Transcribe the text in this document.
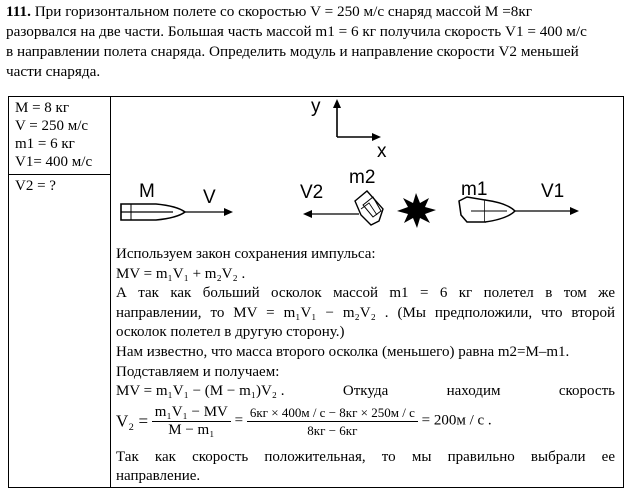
111. При горизонтальном полете со скоростью V = 250 м/с снаряд массой М =8кг
разорвался на две части. Большая часть массой m1 = 6 кг получила скорость V1 = 400 м/с
в направлении полета снаряда. Определить модуль и направление скорости V2 меньшей
части снаряда.
М = 8 кг
V = 250 м/с
m1 = 6 кг
V1= 400 м/с

y
x
М	V	V2
m2
m1	V1
Используем закон сохранения импульса:
MV = m₁V₁ + m₂V₂ .
А так как больший осколок массой m1 = 6 кг полетел в том же
направлении, то MV = m₁V₁ − m₂V₂ . (Мы предположили, что второй
осколок полетел в другую сторону.)
Нам известно, что масса второго осколка (меньшего) равна m2=M–m1.
Подставляем и получаем:
MV = m₁V₁ − (M − m₁)V₂ .	Откуда	находим	скорость
$V_2 = \frac{\text{m₁V₁ − MV}}{\text{M − m₁}} = \frac{6кг \times 400м / с - 8кг \times 250м / с}{8кг - 6кг} = 200м / с$ .
Так как скорость положительная, то мы правильно выбрали ее
направление.

V2 = ?
